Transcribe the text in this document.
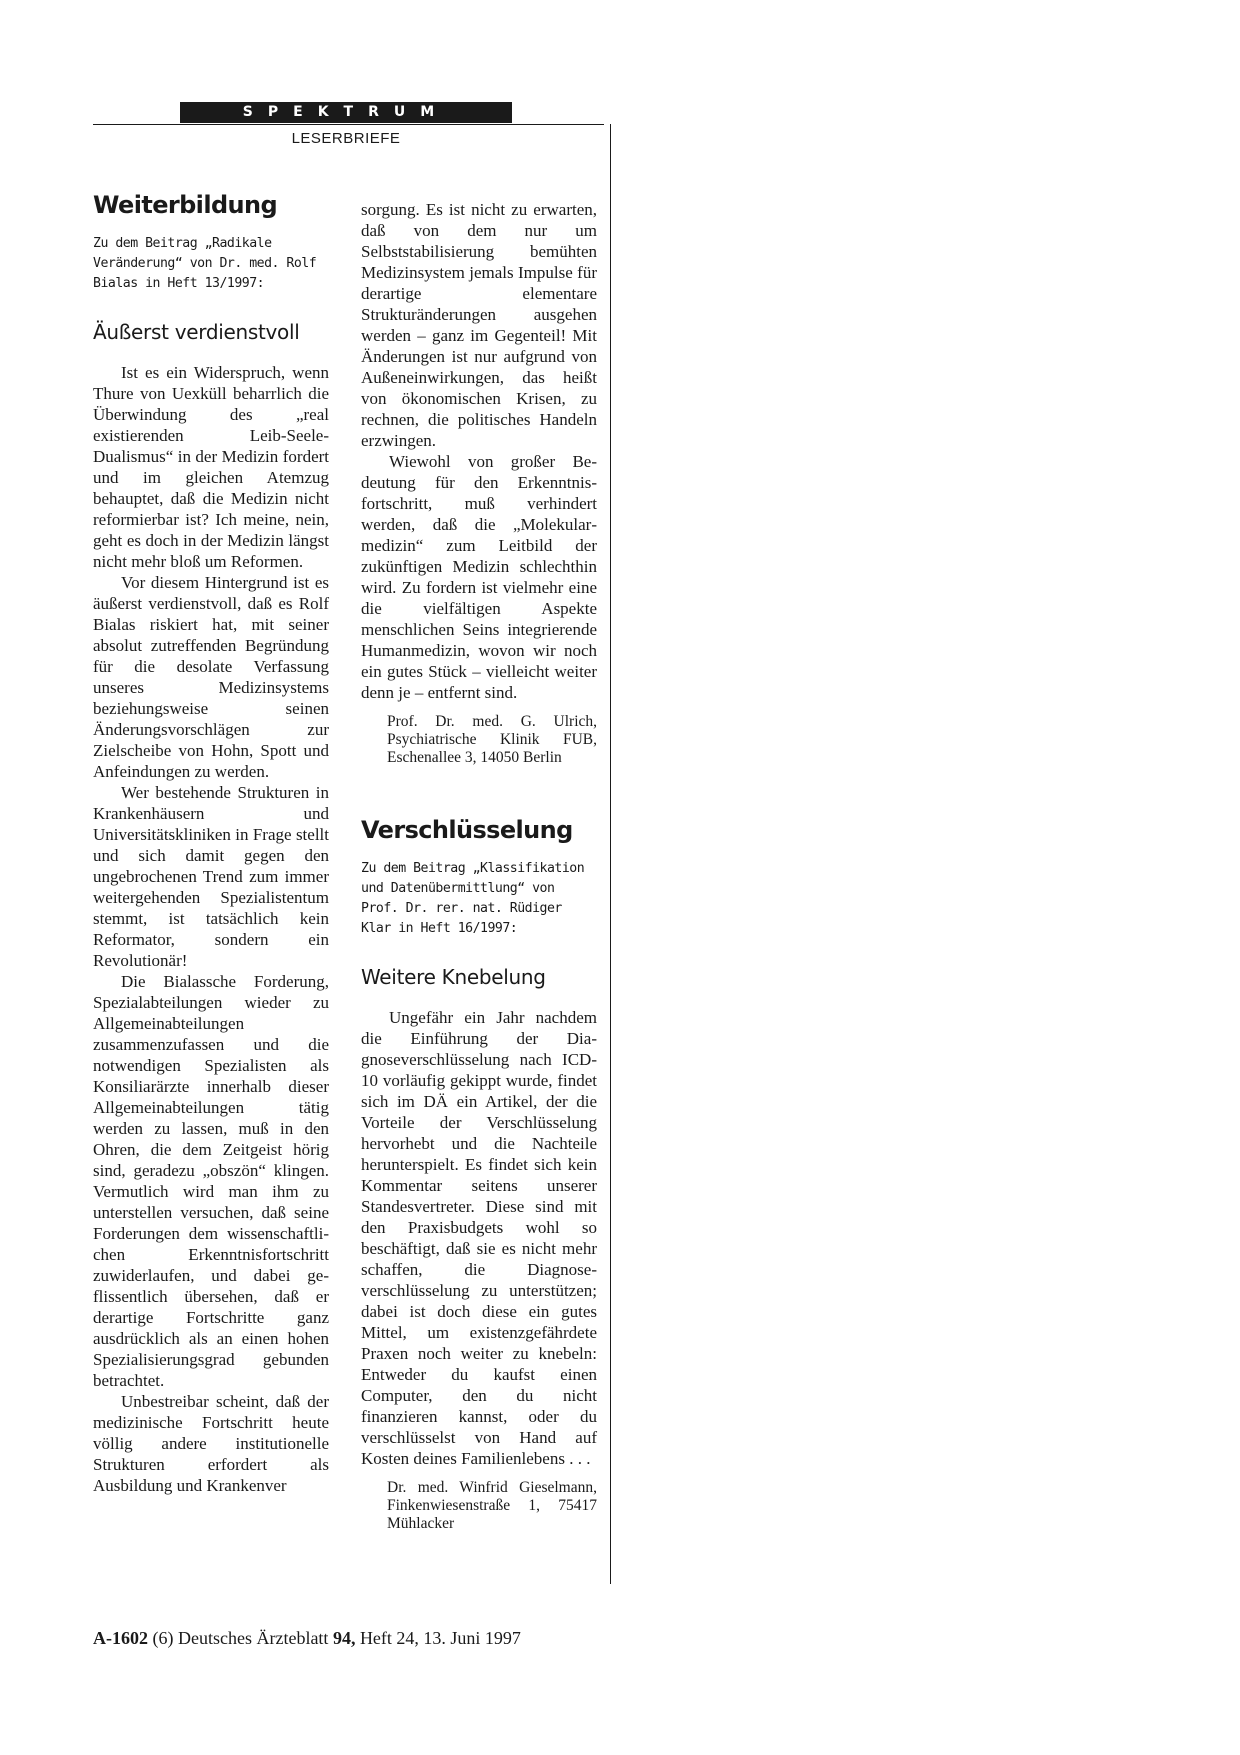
SPEKTRUM
LESERBRIEFE
Weiterbildung
Zu dem Beitrag „Radikale Veränderung“ von Dr. med. Rolf Bialas in Heft 13/1997:
Äußerst verdienstvoll

Ist es ein Widerspruch, wenn Thure von Uexküll beharrlich die Überwindung des „real existierenden Leib-Seele-Dualismus“ in der Medizin fordert und im gleichen Atemzug behauptet, daß die Medizin nicht reformierbar ist? Ich meine, nein, geht es doch in der Medizin längst nicht mehr bloß um Reformen.

Vor diesem Hintergrund ist es äußerst verdienstvoll, daß es Rolf Bialas riskiert hat, mit seiner absolut zutreffenden Begründung für die desolate Verfassung unseres Medizinsystems beziehungsweise seinen Änderungsvorschlägen zur Zielscheibe von Hohn, Spott und Anfeindungen zu werden.

Wer bestehende Strukturen in Krankenhäusern und Universitätskliniken in Frage stellt und sich damit gegen den ungebrochenen Trend zum immer weitergehenden Spezialistentum stemmt, ist tatsächlich kein Reformator, sondern ein Revolutionär!

Die Bialassche Forderung, Spezialabteilungen wieder zu Allgemeinabteilungen zusammenzufassen und die notwendigen Spezialisten als Konsiliarärzte innerhalb dieser Allgemeinabteilungen tätig werden zu lassen, muß in den Ohren, die dem Zeitgeist hörig sind, geradezu „obszön“ klingen. Vermutlich wird man ihm zu unterstellen versuchen, daß seine Forderungen dem wissenschaftlichen Erkenntnisfortschritt zuwiderlaufen, und dabei geflissentlich übersehen, daß er derartige Fortschritte ganz ausdrücklich als an einen hohen Spezialisierungsgrad gebunden betrachtet.

Unbestreibar scheint, daß der medizinische Fortschritt heute völlig andere institutionelle Strukturen erfordert als Ausbildung und Krankenver

sorgung. Es ist nicht zu erwarten, daß von dem nur um Selbststabilisierung bemühten Medizinsystem jemals Impulse für derartige elementare Strukturänderungen ausgehen werden – ganz im Gegenteil! Mit Änderungen ist nur aufgrund von Außeneinwirkungen, das heißt von ökonomischen Krisen, zu rechnen, die politisches Handeln erzwingen.

Wiewohl von großer Bedeutung für den Erkenntnisfortschritt, muß verhindert werden, daß die „Molekularmedizin“ zum Leitbild der zukünftigen Medizin schlechthin wird. Zu fordern ist vielmehr eine die vielfältigen Aspekte menschlichen Seins integrierende Humanmedizin, wovon wir noch ein gutes Stück – vielleicht weiter denn je – entfernt sind.

Prof. Dr. med. G. Ulrich, Psychiatrische Klinik FUB, Eschenallee 3, 14050 Berlin
Verschlüsselung
Zu dem Beitrag „Klassifikation und Datenübermittlung“ von Prof. Dr. rer. nat. Rüdiger Klar in Heft 16/1997:
Weitere Knebelung

Ungefähr ein Jahr nachdem die Einführung der Diagnoseverschlüsselung nach ICD-10 vorläufig gekippt wurde, findet sich im DÄ ein Artikel, der die Vorteile der Verschlüsselung hervorhebt und die Nachteile herunterspielt. Es findet sich kein Kommentar seitens unserer Standesvertreter. Diese sind mit den Praxisbudgets wohl so beschäftigt, daß sie es nicht mehr schaffen, die Diagnoseverschlüsselung zu unterstützen; dabei ist doch diese ein gutes Mittel, um existenzgefährdete Praxen noch weiter zu knebeln: Entweder du kaufst einen Computer, den du nicht finanzieren kannst, oder du verschlüsselst von Hand auf Kosten deines Familienlebens . . .

Dr. med. Winfrid Gieselmann, Finkenwiesenstraße 1, 75417 Mühlacker
A-1602 (6) Deutsches Ärzteblatt 94, Heft 24, 13. Juni 1997
